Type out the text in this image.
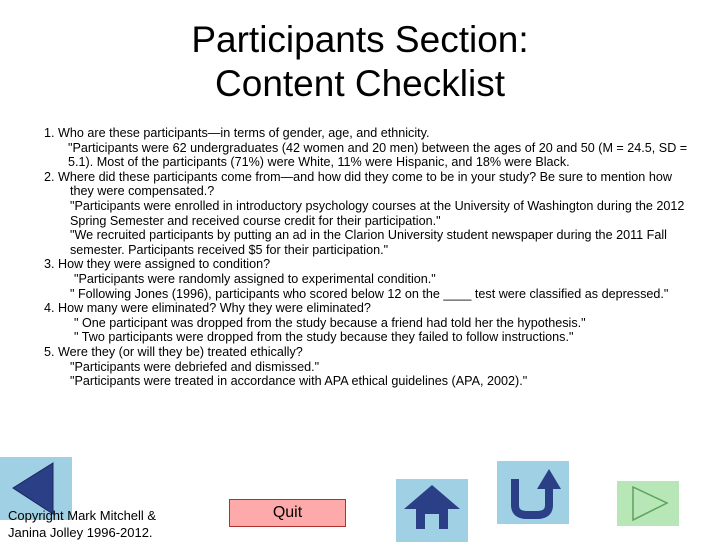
Participants Section:
Content Checklist
1. Who are these participants—in terms of gender, age, and ethnicity.
"Participants were 62 undergraduates (42 women and 20 men) between the ages of 20 and 50 (M = 24.5, SD = 5.1). Most of the participants (71%) were White, 11% were Hispanic, and 18% were Black.
2. Where did these participants come from—and how did they come to be in your study? Be sure to mention how they were compensated.?
"Participants were enrolled in introductory psychology courses at the University of Washington during the 2012 Spring Semester and received course credit for their participation."
"We recruited participants by putting an ad in the Clarion University student newspaper during the 2011 Fall semester. Participants received $5 for their participation."
3. How they were assigned to condition?
"Participants were randomly assigned to experimental condition."
" Following Jones (1996), participants who scored below 12 on the ____ test were classified as depressed."
4. How many were eliminated? Why they were eliminated?
" One participant was dropped from the study because a friend had told her the hypothesis."
" Two participants were dropped from the study because they failed to follow instructions."
5. Were they (or will they be) treated ethically?
"Participants were debriefed and dismissed."
"Participants were treated in accordance with APA ethical guidelines (APA, 2002)."
Quit
Copyright Mark Mitchell &
Janina Jolley 1996-2012.
